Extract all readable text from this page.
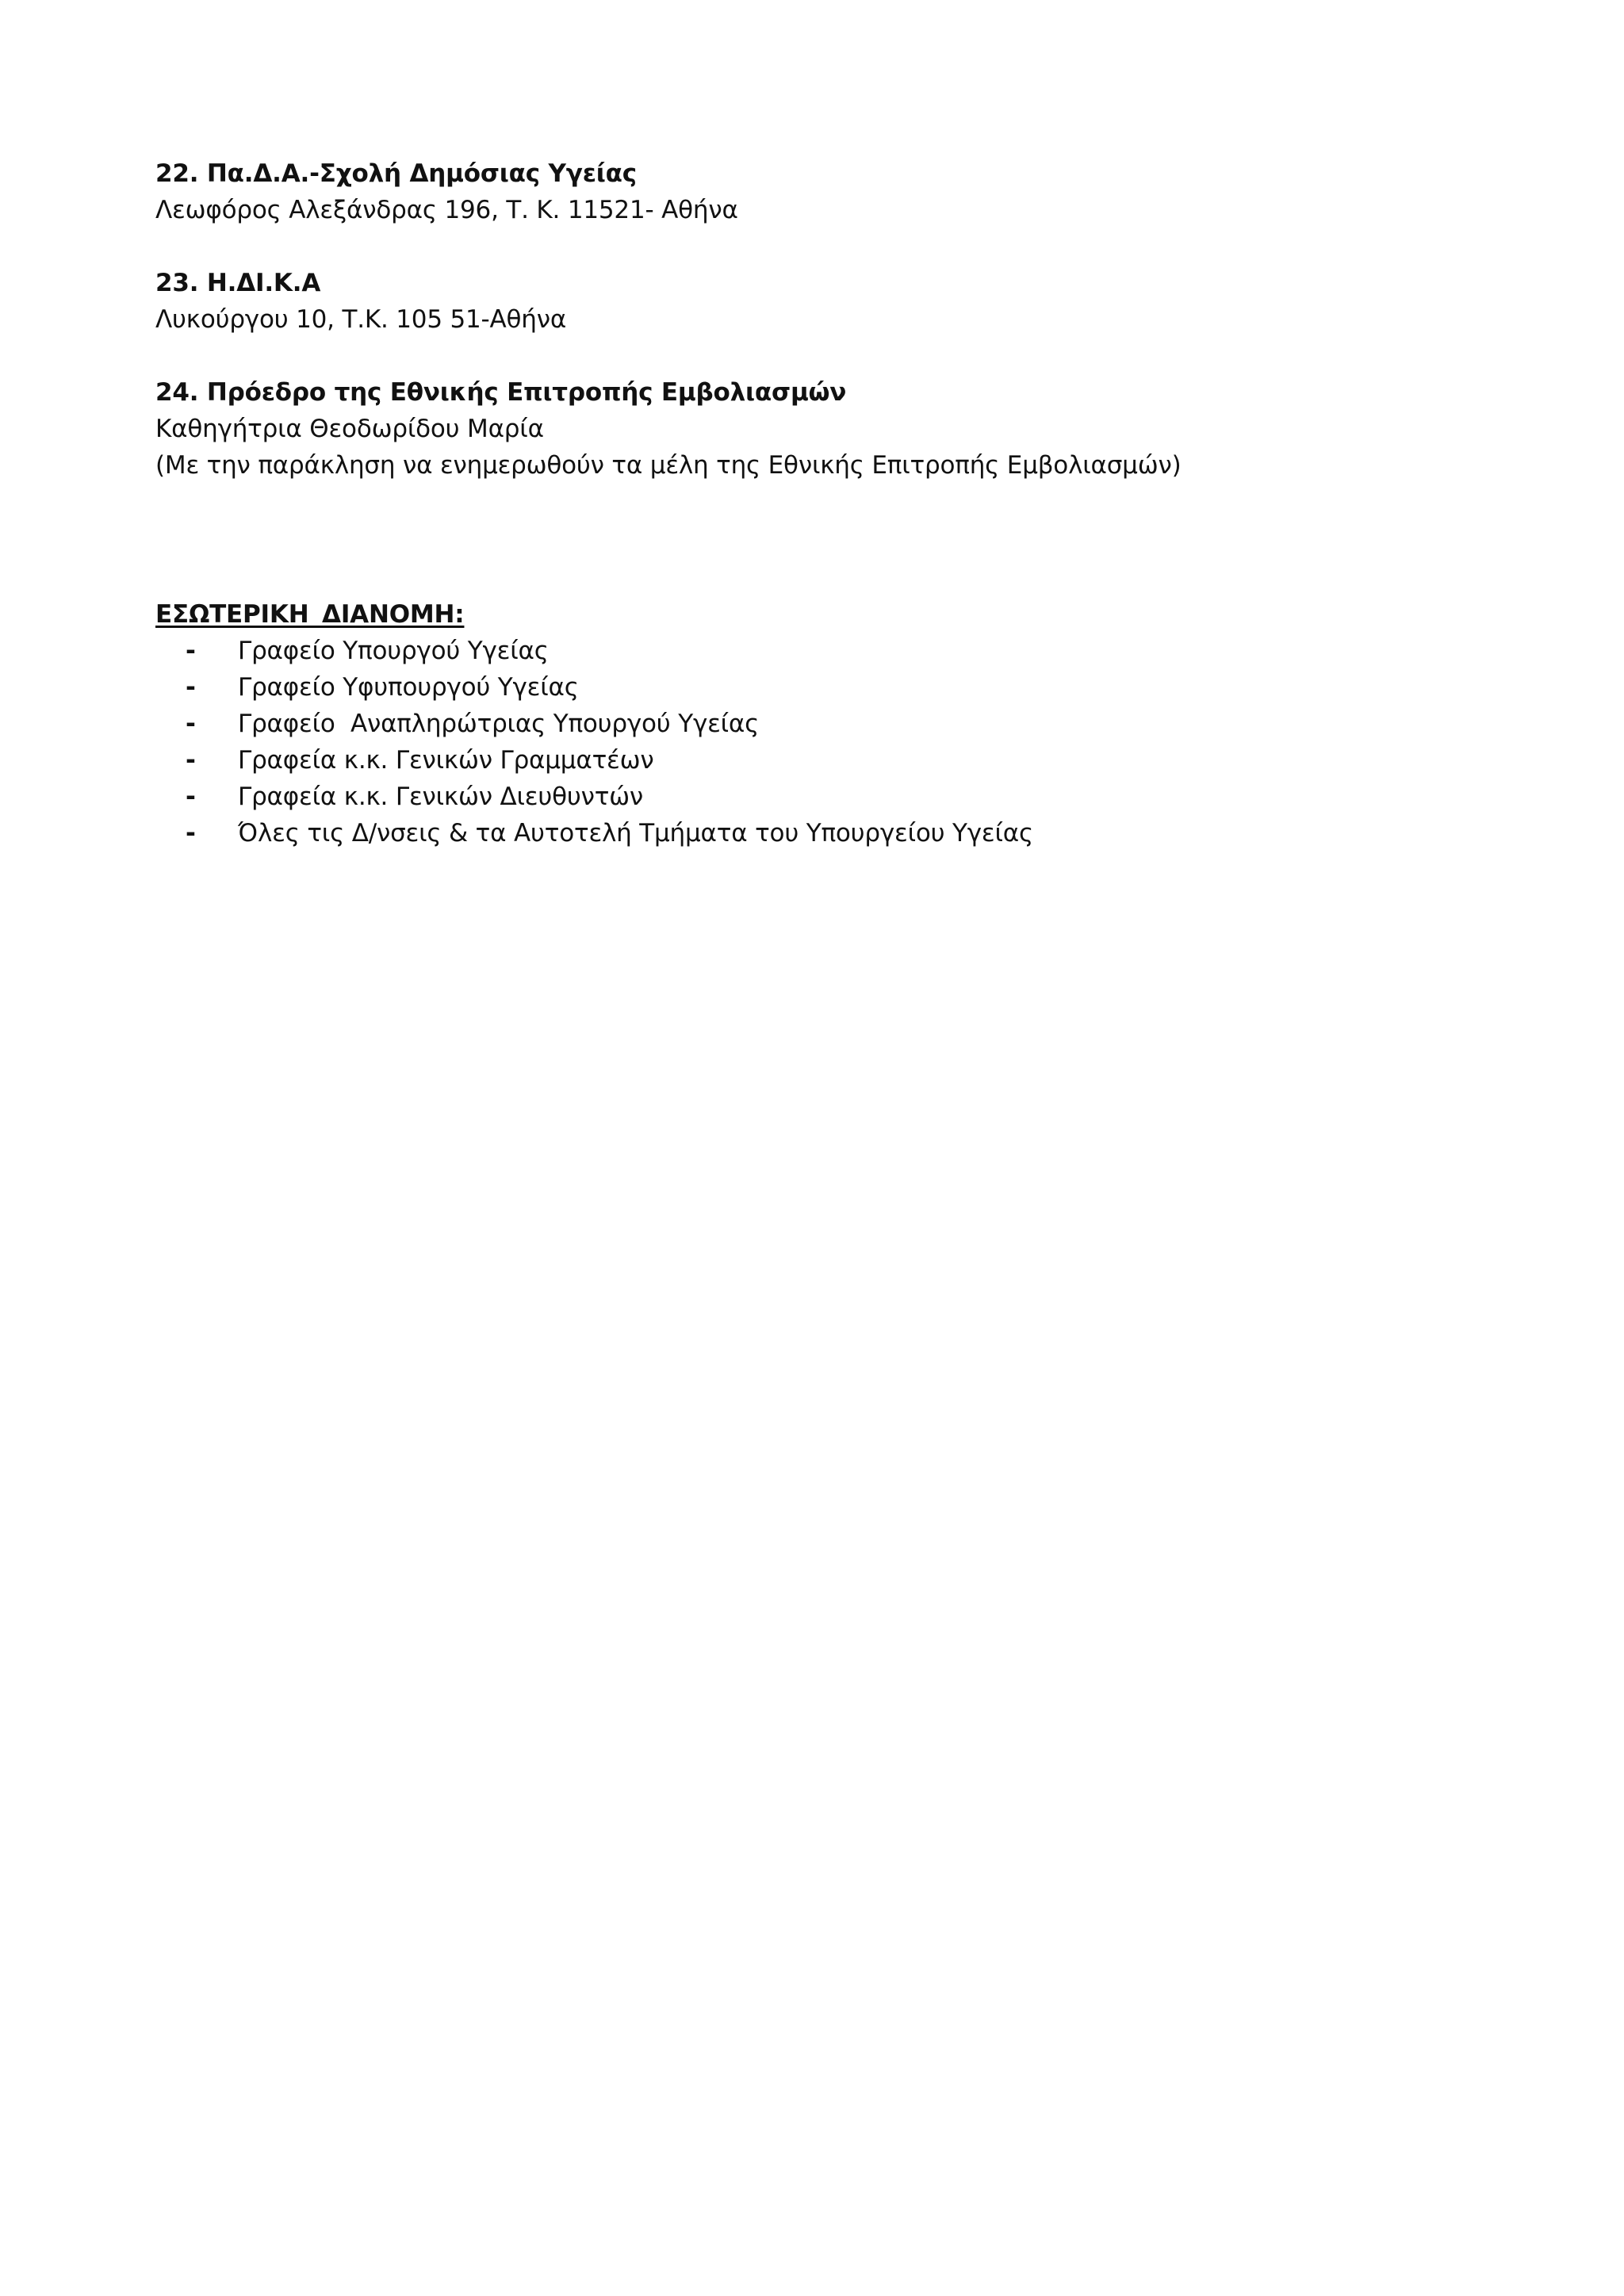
22. Πα.Δ.Α.-Σχολή Δημόσιας Υγείας
Λεωφόρος Αλεξάνδρας 196, Τ. Κ. 11521- Αθήνα
23. Η.ΔΙ.Κ.Α
Λυκούργου 10, Τ.Κ. 105 51-Αθήνα
24. Πρόεδρο της Εθνικής Επιτροπής Εμβολιασμών
Καθηγήτρια Θεοδωρίδου Μαρία
(Με την παράκληση να ενημερωθούν τα μέλη της Εθνικής Επιτροπής Εμβολιασμών)
ΕΣΩΤΕΡΙΚΗ ΔΙΑΝΟΜΗ:
-	Γραφείο Υπουργού Υγείας
-	Γραφείο Υφυπουργού Υγείας
-	Γραφείο  Αναπληρώτριας Υπουργού Υγείας
-	Γραφεία κ.κ. Γενικών Γραμματέων
-	Γραφεία κ.κ. Γενικών Διευθυντών
-	Όλες τις Δ/νσεις & τα Αυτοτελή Τμήματα του Υπουργείου Υγείας
